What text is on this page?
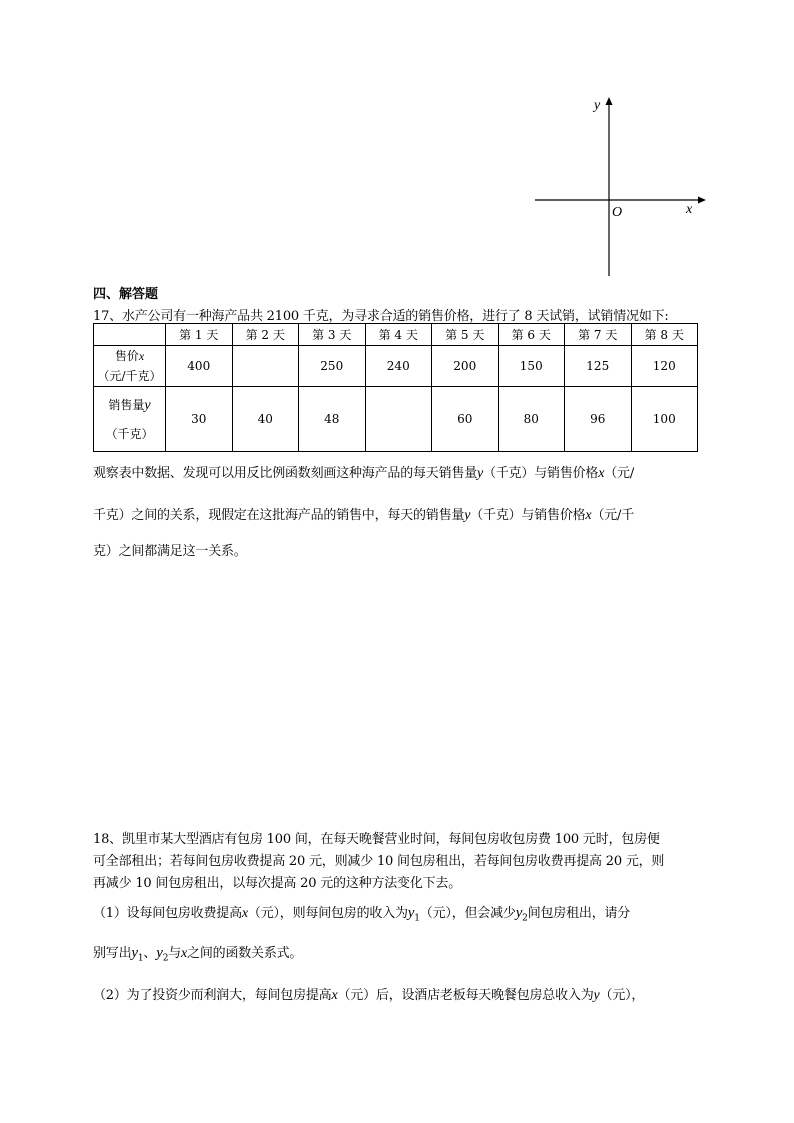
y
x
O
四、解答题
17、水产公司有一种海产品共 2100 千克，为寻求合适的销售价格，进行了 8 天试销，试销情况如下:
	第 1 天	第 2 天	第 3 天	第 4 天	第 5 天	第 6 天	第 7 天	第 8 天

售价x
（元/千克）	400		250	240	200	150	125	120

销售量y
（千克）	30	40	48		60	80	96	100
观察表中数据、发现可以用反比例函数刻画这种海产品的每天销售量y（千克）与销售价格x（元/
千克）之间的关系，现假定在这批海产品的销售中，每天的销售量y（千克）与销售价格x（元/千
克）之间都满足这一关系。
18、凯里市某大型酒店有包房 100 间，在每天晚餐营业时间，每间包房收包房费 100 元时，包房便
可全部租出；若每间包房收费提高 20 元，则减少 10 间包房租出，若每间包房收费再提高 20 元，则
再减少 10 间包房租出，以每次提高 20 元的这种方法变化下去。
（1）设每间包房收费提高x（元），则每间包房的收入为$y_1$（元），但会减少$y_2$间包房租出，请分
别写出$y_1$、$y_2$与x之间的函数关系式。
（2）为了投资少而利润大，每间包房提高x（元）后，设酒店老板每天晚餐包房总收入为y（元），
